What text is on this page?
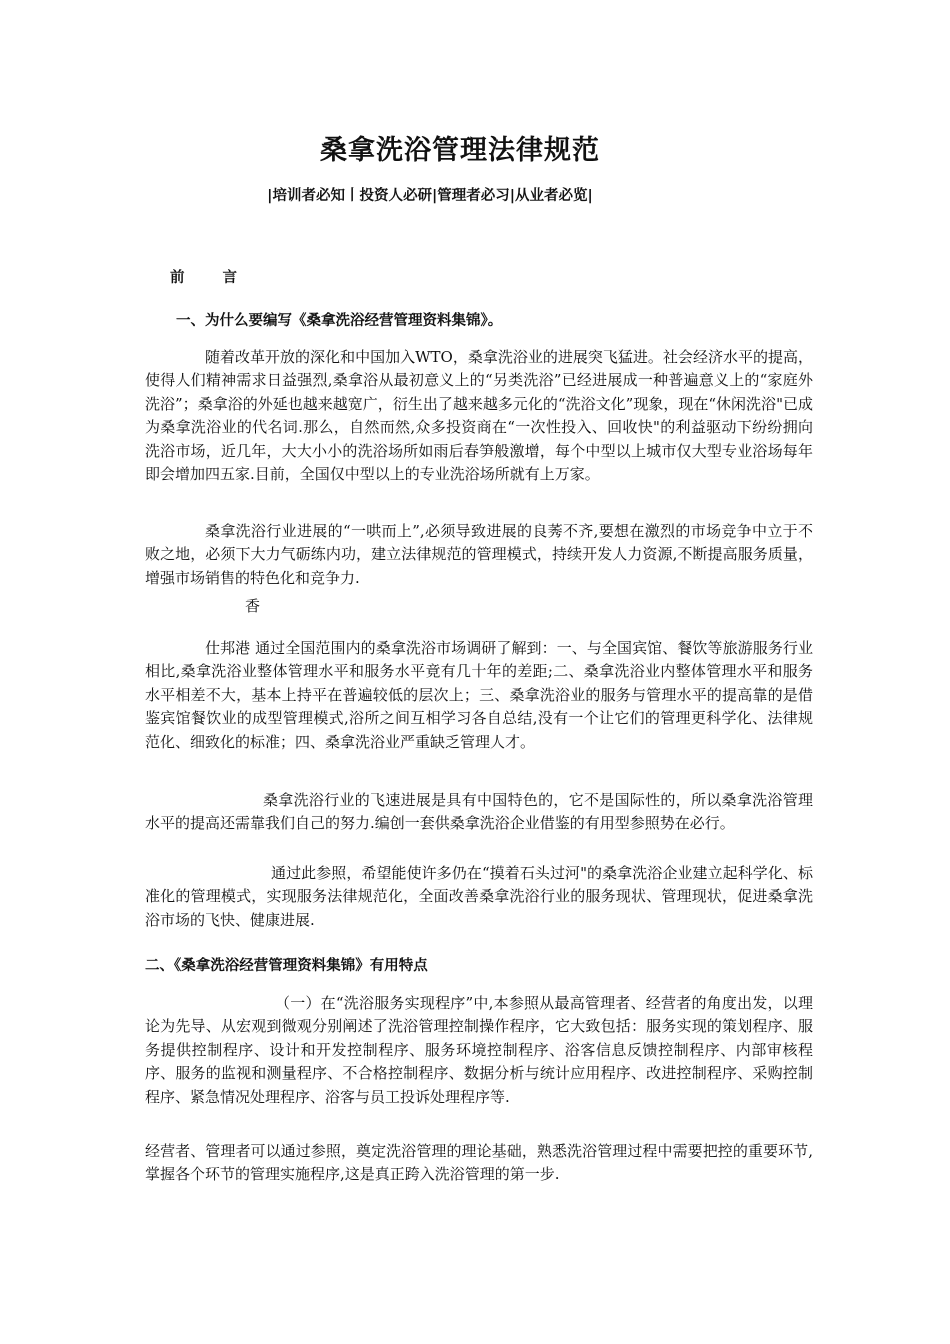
桑拿洗浴管理法律规范
|培训者必知丨投资人必研|管理者必习|从业者必览|
前	言
一、为什么要编写《桑拿洗浴经营管理资料集锦》。
随着改革开放的深化和中国加入WTO，桑拿洗浴业的进展突飞猛进。社会经济水平的提高，使得人们精神需求日益强烈,桑拿浴从最初意义上的“另类洗浴”已经进展成一种普遍意义上的“家庭外洗浴”；桑拿浴的外延也越来越宽广，衍生出了越来越多元化的“洗浴文化”现象，现在“休闲洗浴"已成为桑拿洗浴业的代名词.那么，自然而然,众多投资商在“一次性投入、回收快"的利益驱动下纷纷拥向洗浴市场，近几年，大大小小的洗浴场所如雨后春笋般激增，每个中型以上城市仅大型专业浴场每年即会增加四五家.目前，全国仅中型以上的专业洗浴场所就有上万家。
桑拿洗浴行业进展的“一哄而上”,必须导致进展的良莠不齐,要想在激烈的市场竞争中立于不败之地，必须下大力气砺练内功，建立法律规范的管理模式，持续开发人力资源,不断提高服务质量，增强市场销售的特色化和竞争力.
香
仕邦港 通过全国范围内的桑拿洗浴市场调研了解到：一、与全国宾馆、餐饮等旅游服务行业相比,桑拿洗浴业整体管理水平和服务水平竟有几十年的差距;二、桑拿洗浴业内整体管理水平和服务水平相差不大，基本上持平在普遍较低的层次上；三、桑拿洗浴业的服务与管理水平的提高靠的是借鉴宾馆餐饮业的成型管理模式,浴所之间互相学习各自总结,没有一个让它们的管理更科学化、法律规范化、细致化的标准；四、桑拿洗浴业严重缺乏管理人才。
桑拿洗浴行业的飞速进展是具有中国特色的，它不是国际性的，所以桑拿洗浴管理水平的提高还需靠我们自己的努力.编创一套供桑拿洗浴企业借鉴的有用型参照势在必行。
通过此参照，希望能使许多仍在“摸着石头过河"的桑拿洗浴企业建立起科学化、标准化的管理模式，实现服务法律规范化，全面改善桑拿洗浴行业的服务现状、管理现状，促进桑拿洗浴市场的飞快、健康进展.
二、《桑拿洗浴经营管理资料集锦》有用特点
（一）在“洗浴服务实现程序”中,本参照从最高管理者、经营者的角度出发，以理论为先导、从宏观到微观分别阐述了洗浴管理控制操作程序，它大致包括：服务实现的策划程序、服务提供控制程序、设计和开发控制程序、服务环境控制程序、浴客信息反馈控制程序、内部审核程序、服务的监视和测量程序、不合格控制程序、数据分析与统计应用程序、改进控制程序、采购控制程序、紧急情况处理程序、浴客与员工投诉处理程序等.
经营者、管理者可以通过参照，奠定洗浴管理的理论基础，熟悉洗浴管理过程中需要把控的重要环节,掌握各个环节的管理实施程序,这是真正跨入洗浴管理的第一步.
